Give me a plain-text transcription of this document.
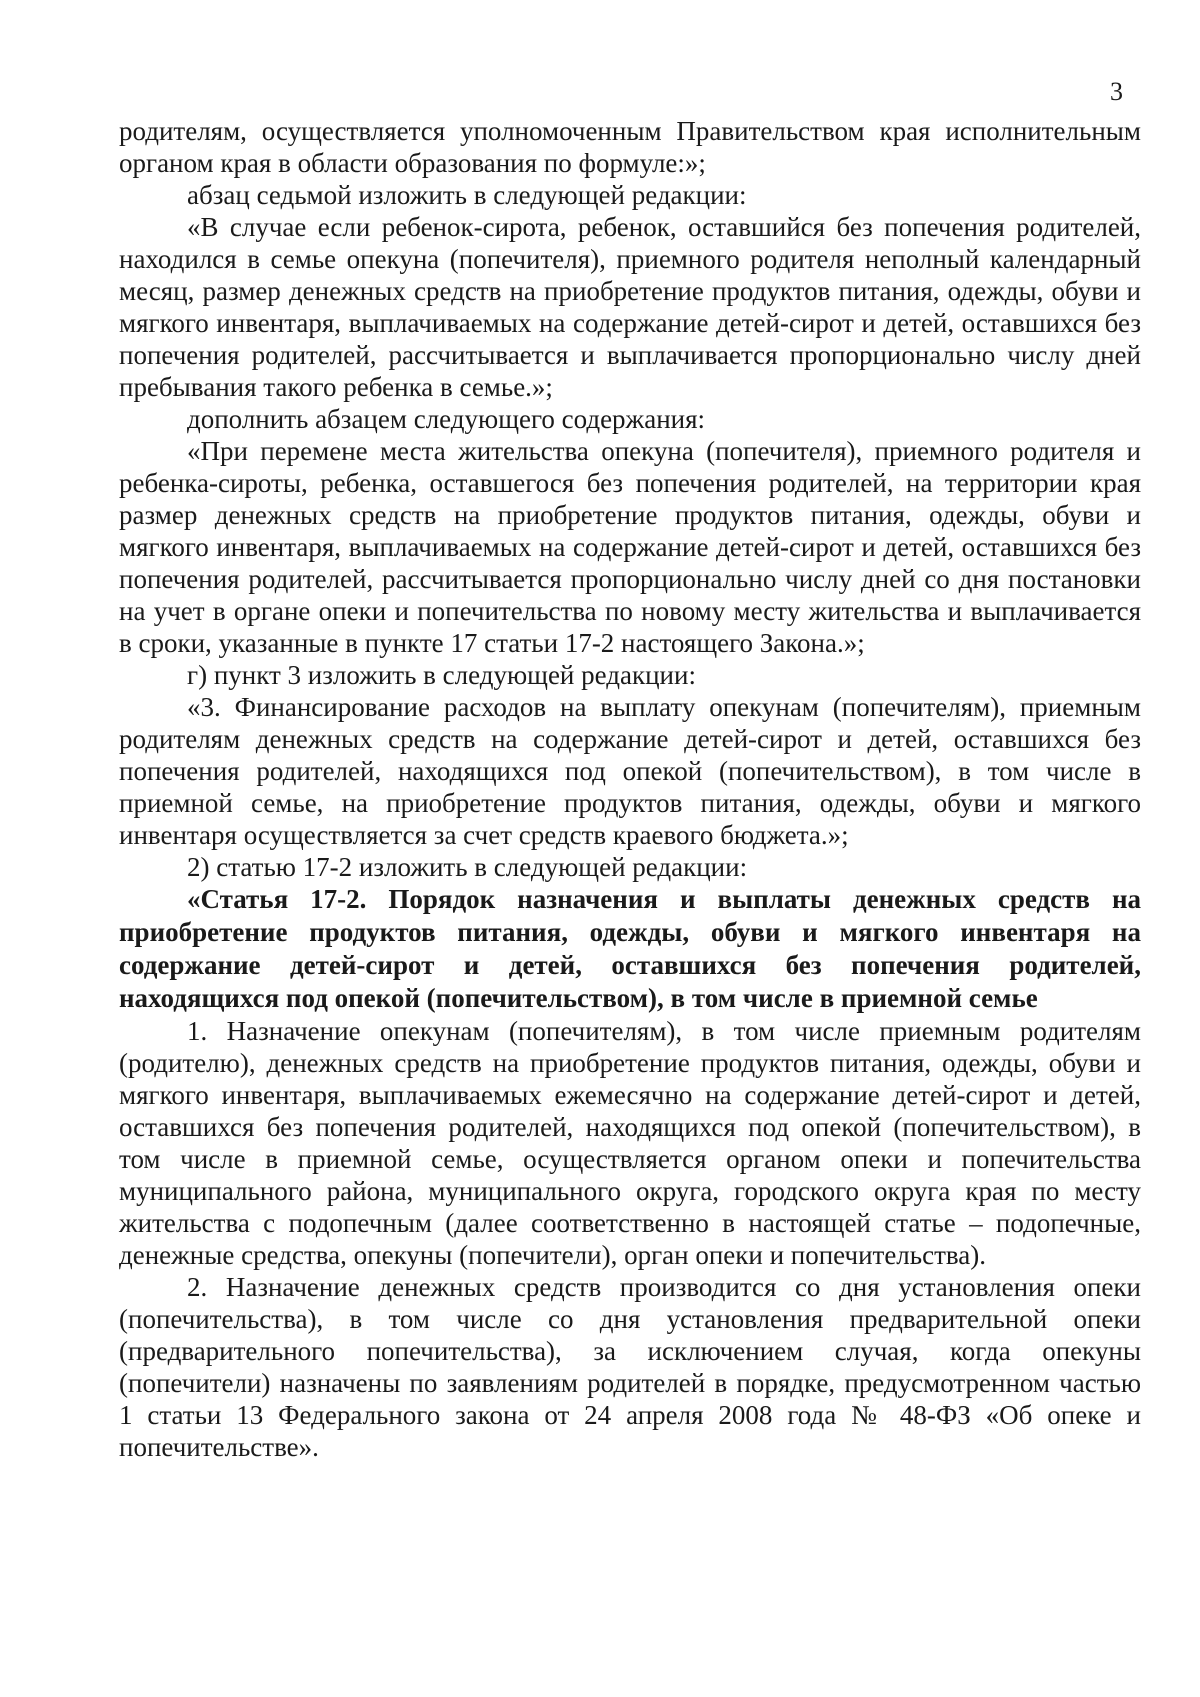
3

родителям, осуществляется уполномоченным Правительством края исполнительным органом края в области образования по формуле:»;

абзац седьмой изложить в следующей редакции:

«В случае если ребенок-сирота, ребенок, оставшийся без попечения родителей, находился в семье опекуна (попечителя), приемного родителя неполный календарный месяц, размер денежных средств на приобретение продуктов питания, одежды, обуви и мягкого инвентаря, выплачиваемых на содержание детей-сирот и детей, оставшихся без попечения родителей, рассчитывается и выплачивается пропорционально числу дней пребывания такого ребенка в семье.»;

дополнить абзацем следующего содержания:

«При перемене места жительства опекуна (попечителя), приемного родителя и ребенка-сироты, ребенка, оставшегося без попечения родителей, на территории края размер денежных средств на приобретение продуктов питания, одежды, обуви и мягкого инвентаря, выплачиваемых на содержание детей-сирот и детей, оставшихся без попечения родителей, рассчитывается пропорционально числу дней со дня постановки на учет в органе опеки и попечительства по новому месту жительства и выплачивается в сроки, указанные в пункте 17 статьи 17-2 настоящего Закона.»;

г) пункт 3 изложить в следующей редакции:

«3. Финансирование расходов на выплату опекунам (попечителям), приемным родителям денежных средств на содержание детей-сирот и детей, оставшихся без попечения родителей, находящихся под опекой (попечительством), в том числе в приемной семье, на приобретение продуктов питания, одежды, обуви и мягкого инвентаря осуществляется за счет средств краевого бюджета.»;

2) статью 17-2 изложить в следующей редакции:

«Статья 17-2. Порядок назначения и выплаты денежных средств на приобретение продуктов питания, одежды, обуви и мягкого инвентаря на содержание детей-сирот и детей, оставшихся без попечения родителей, находящихся под опекой (попечительством), в том числе в приемной семье

1. Назначение опекунам (попечителям), в том числе приемным родителям (родителю), денежных средств на приобретение продуктов питания, одежды, обуви и мягкого инвентаря, выплачиваемых ежемесячно на содержание детей-сирот и детей, оставшихся без попечения родителей, находящихся под опекой (попечительством), в том числе в приемной семье, осуществляется органом опеки и попечительства муниципального района, муниципального округа, городского округа края по месту жительства с подопечным (далее соответственно в настоящей статье – подопечные, денежные средства, опекуны (попечители), орган опеки и попечительства).

2. Назначение денежных средств производится со дня установления опеки (попечительства), в том числе со дня установления предварительной опеки (предварительного попечительства), за исключением случая, когда опекуны (попечители) назначены по заявлениям родителей в порядке, предусмотренном частью 1 статьи 13 Федерального закона от 24 апреля 2008 года № 48-ФЗ «Об опеке и попечительстве».
